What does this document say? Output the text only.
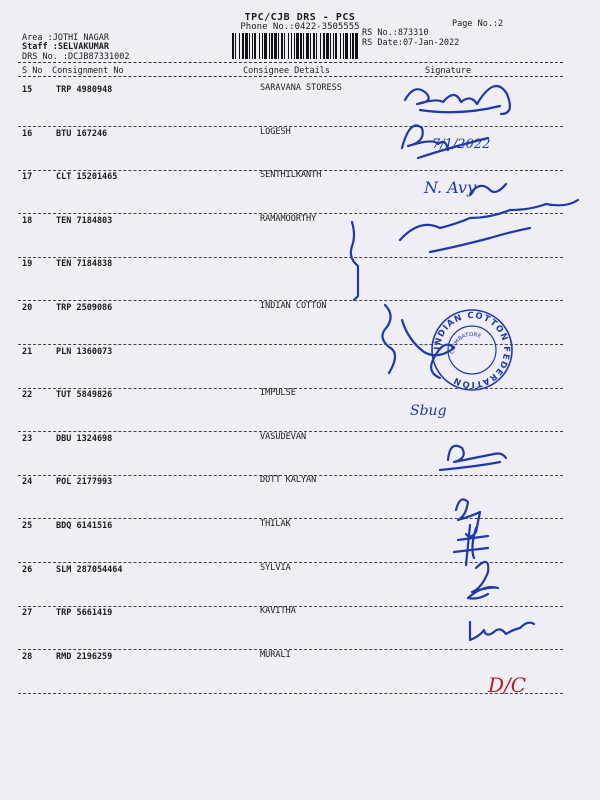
TPC/CJB DRS - PCS
Phone No.:0422-3505555	Page No.:2
Area :JOTHI NAGAR
Staff :SELVAKUMAR
DRS No. :DCJB87331002
RS No.:873310
RS Date:07-Jan-2022
S No Consignment No	Consignee Details	Signature
15	TRP 4980948	SARAVANA STORESS
16	BTU 167246	LOGESH
17	CLT 15201465	SENTHILKANTH
18	TEN 7184803	RAMAMOORTHY
19	TEN 7184838
20	TRP 2509086	INDIAN COTTON
21	PLN 1360073
22	TUT 5849826	IMPULSE
23	DBU 1324698	VASUDEVAN
24	POL 2177993	DOTT KALYAN
25	BDQ 6141516	THILAK
26	SLM 287054464	SYLVIA
27	TRP 5661419	KAVITHA
28	RMD 2196259	MURALI
7/1/2022
N. Avy
Sbug
D/C
INDIAN COTTON FEDERATION
COIMBATORE
